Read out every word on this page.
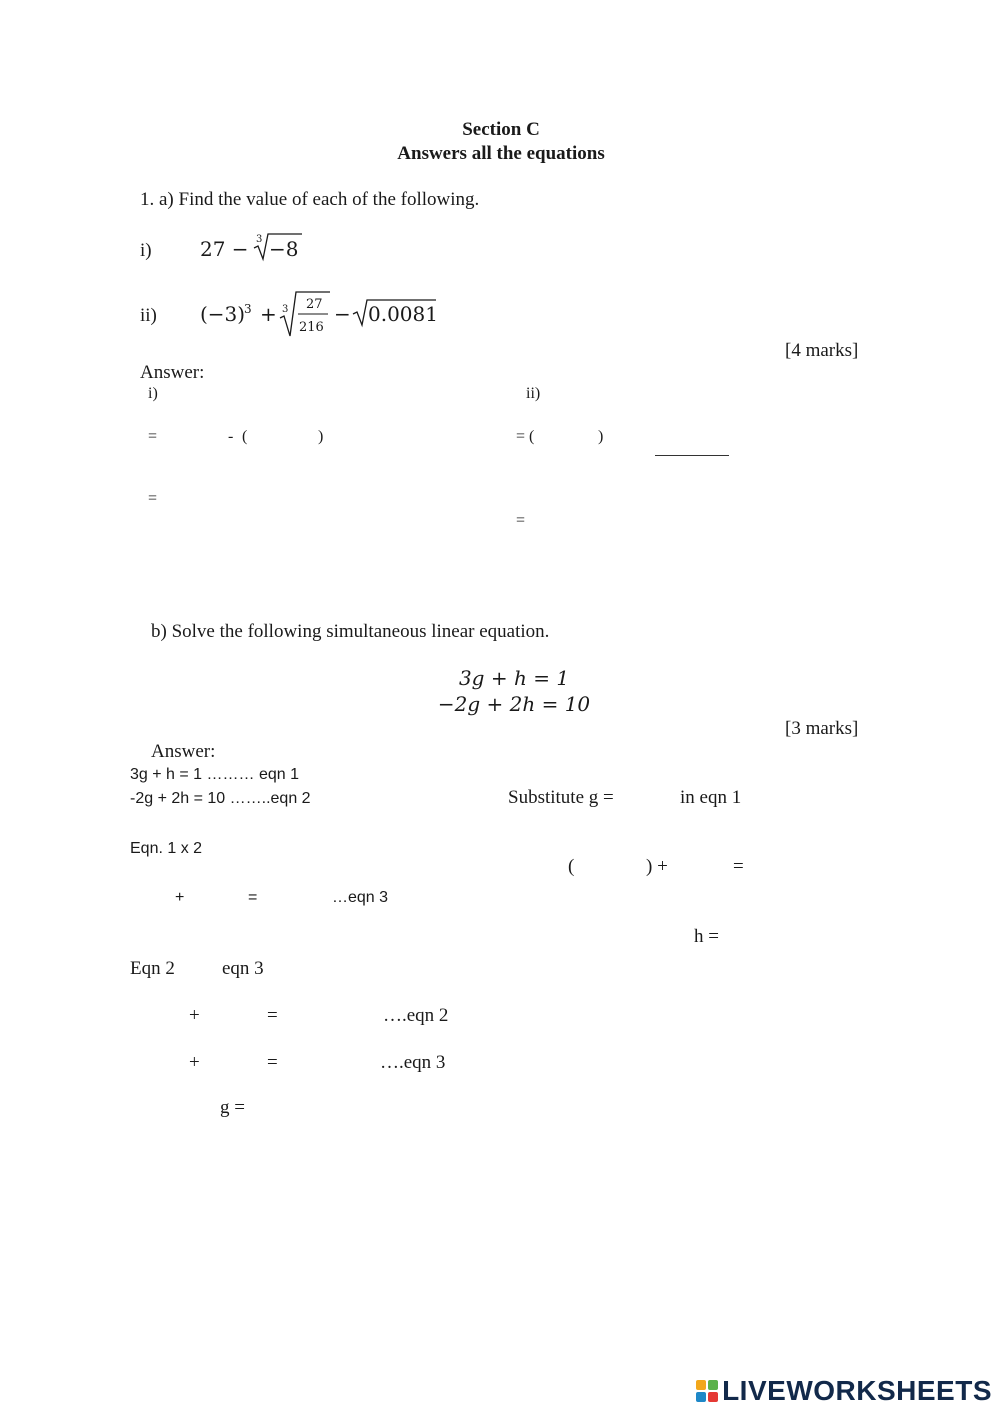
Section C
Answers all the equations
1. a) Find the value of each of the following.
i) 27 − 3 −8
ii) (−3)
3 + 3 27
216
− 0.0081
[4 marks]
Answer:
i)	ii)
=	- (	)
=
= (	)
=
b) Solve the following simultaneous linear equation.
3g + h = 1
−2g + 2h = 10
[3 marks]
Answer:
3g + h = 1 ……… eqn 1
-2g + 2h = 10 ……..eqn 2
Eqn. 1 x 2
+	=	…eqn 3
Eqn 2 eqn 3
+	=	….eqn 2
+	=	….eqn 3
g =
Substitute g =	in eqn 1
(	) +	=
h =
LIVEWORKSHEETS
